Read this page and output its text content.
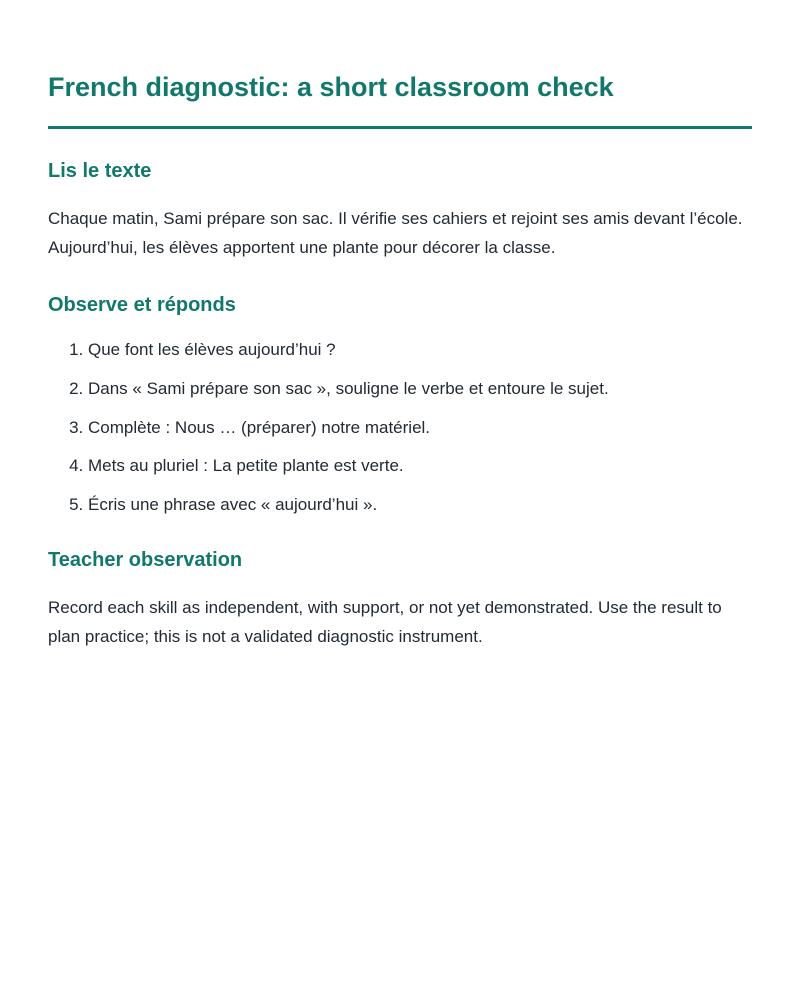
French diagnostic: a short classroom check
Lis le texte

Chaque matin, Sami prépare son sac. Il vérifie ses cahiers et rejoint ses amis devant l’école. Aujourd’hui, les élèves apportent une plante pour décorer la classe.

Observe et réponds
1. Que font les élèves aujourd’hui ?
2. Dans « Sami prépare son sac », souligne le verbe et entoure le sujet.
3. Complète : Nous … (préparer) notre matériel.
4. Mets au pluriel : La petite plante est verte.
5. Écris une phrase avec « aujourd’hui ».
Teacher observation

Record each skill as independent, with support, or not yet demonstrated. Use the result to plan practice; this is not a validated diagnostic instrument.
